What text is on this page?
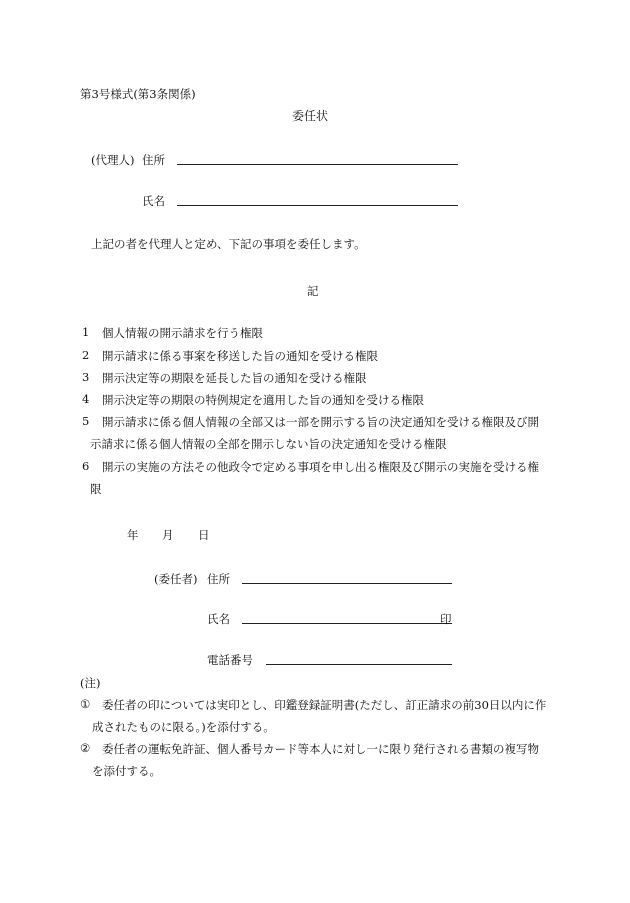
第3号様式(第3条関係)
委任状
(代理人) 住所
氏名
上記の者を代理人と定め、下記の事項を委任します。
記
1 個人情報の開示請求を行う権限
2 開示請求に係る事案を移送した旨の通知を受ける権限
3 開示決定等の期限を延長した旨の通知を受ける権限
4 開示決定等の期限の特例規定を適用した旨の通知を受ける権限
5 開示請求に係る個人情報の全部又は一部を開示する旨の決定通知を受ける権限及び開
示請求に係る個人情報の全部を開示しない旨の決定通知を受ける権限
6 開示の実施の方法その他政令で定める事項を申し出る権限及び開示の実施を受ける権
限
年 月 日
(委任者) 住所
氏名	印
電話番号
(注)
① 委任者の印については実印とし、印鑑登録証明書(ただし、訂正請求の前30日以内に作
成されたものに限る。)を添付する。
② 委任者の運転免許証、個人番号カード等本人に対し一に限り発行される書類の複写物
を添付する。
